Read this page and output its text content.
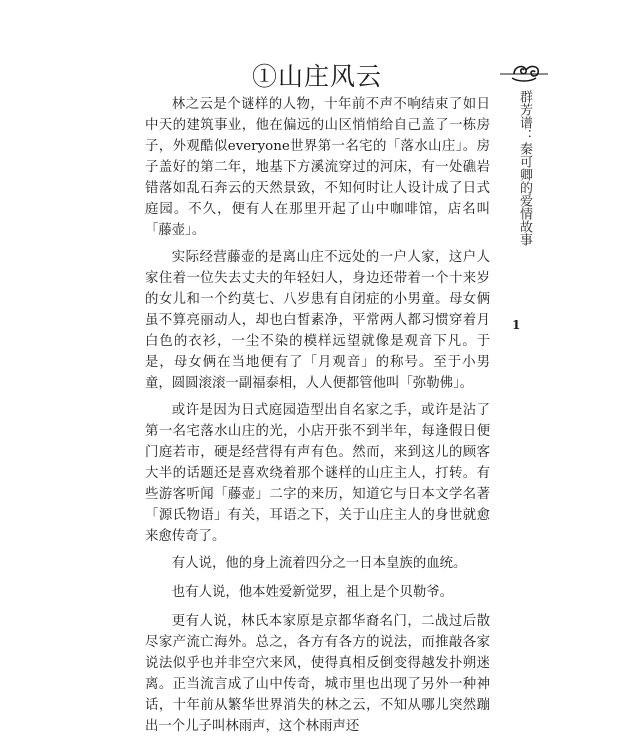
①山庄风云
群芳谱：秦可卿的爱情故事
1

林之云是个谜样的人物，十年前不声不响结束了如日中天的建筑事业，他在偏远的山区悄悄给自己盖了一栋房子，外观酷似everyone世界第一名宅的「落水山庄」。房子盖好的第二年，地基下方溪流穿过的河床，有一处礁岩错落如乱石奔云的天然景致，不知何时让人设计成了日式庭园。不久，便有人在那里开起了山中咖啡馆，店名叫「藤壶」。

实际经营藤壶的是离山庄不远处的一户人家，这户人家住着一位失去丈夫的年轻妇人，身边还带着一个十来岁的女儿和一个约莫七、八岁患有自闭症的小男童。母女俩虽不算亮丽动人，却也白皙素净，平常两人都习惯穿着月白色的衣衫，一尘不染的模样远望就像是观音下凡。于是，母女俩在当地便有了「月观音」的称号。至于小男童，圆圆滚滚一副福泰相，人人便都管他叫「弥勒佛」。

或许是因为日式庭园造型出自名家之手，或许是沾了第一名宅落水山庄的光，小店开张不到半年，每逢假日便门庭若市，硬是经营得有声有色。然而，来到这儿的顾客大半的话题还是喜欢绕着那个谜样的山庄主人，打转。有些游客听闻「藤壶」二字的来历，知道它与日本文学名著「源氏物语」有关，耳语之下，关于山庄主人的身世就愈来愈传奇了。

有人说，他的身上流着四分之一日本皇族的血统。

也有人说，他本姓爱新觉罗，祖上是个贝勒爷。

更有人说，林氏本家原是京都华裔名门，二战过后散尽家产流亡海外。总之，各方有各方的说法，而推敲各家说法似乎也并非空穴来风，使得真相反倒变得越发扑朔迷离。正当流言成了山中传奇，城市里也出现了另外一种神话，十年前从繁华世界消失的林之云，不知从哪儿突然蹦出一个儿子叫林雨声，这个林雨声还
